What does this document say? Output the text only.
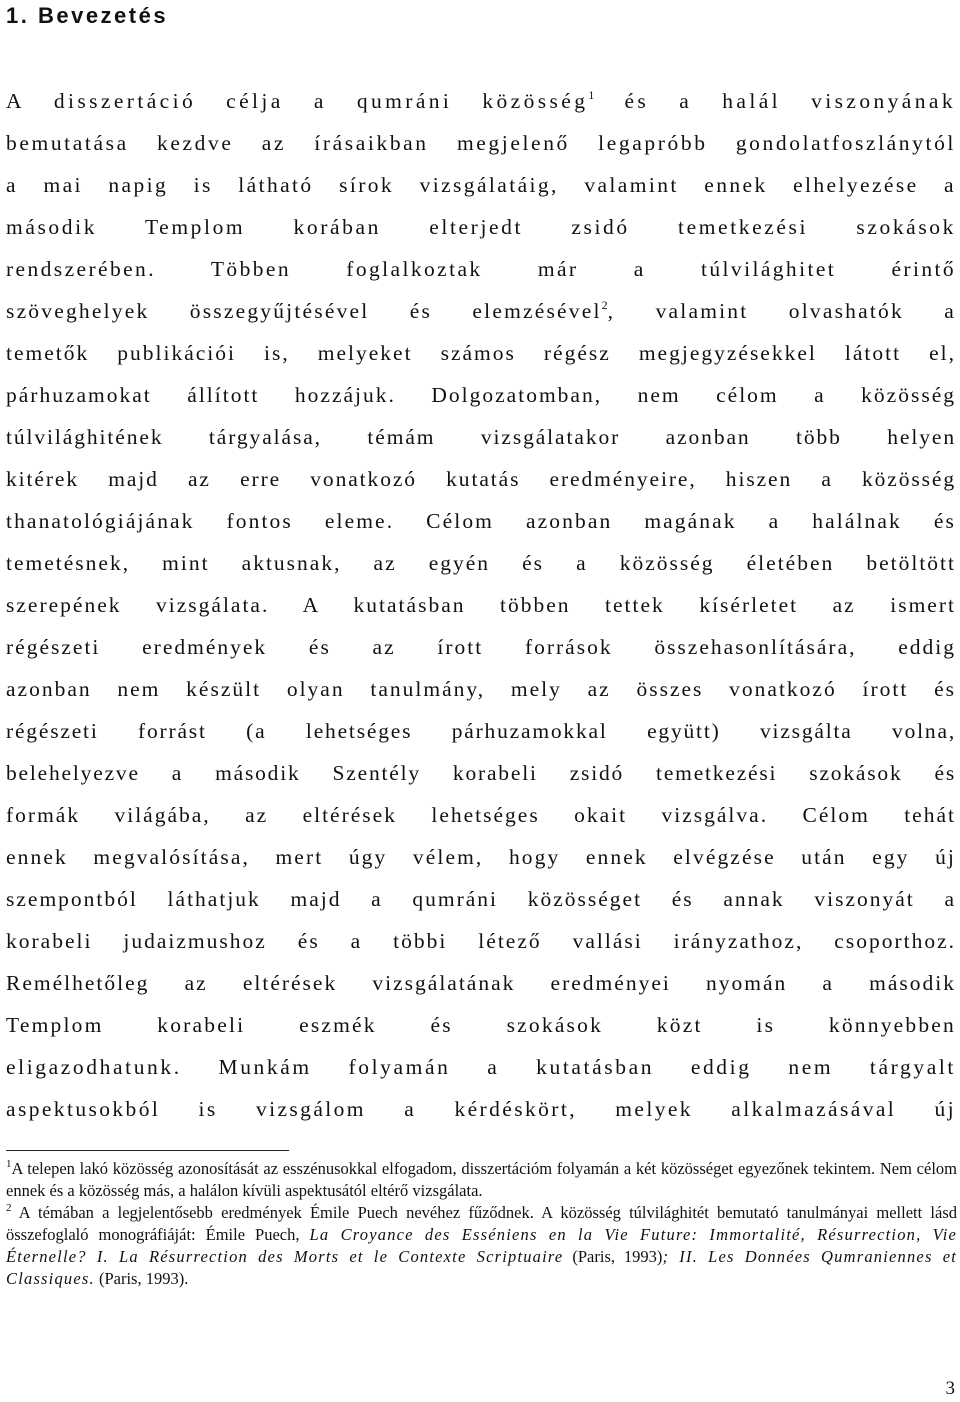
1. Bevezetés
A disszertáció célja a qumráni közösség$^1$ és a halál viszonyának
bemutatása kezdve az írásaikban megjelenő legapróbb gondolatfoszlánytól
a mai napig is látható sírok vizsgálatáig, valamint ennek elhelyezése a
második Templom korában elterjedt zsidó temetkezési szokások
rendszerében. Többen foglalkoztak már a túlvilághitet érintő
szöveghelyek összegyűjtésével és elemzésével$^2$, valamint olvashatók a
temetők publikációi is, melyeket számos régész megjegyzésekkel látott el,
párhuzamokat állított hozzájuk. Dolgozatomban, nem célom a közösség
túlvilághitének tárgyalása, témám vizsgálatakor azonban több helyen
kitérek majd az erre vonatkozó kutatás eredményeire, hiszen a közösség
thanatológiájának fontos eleme. Célom azonban magának a halálnak és
temetésnek, mint aktusnak, az egyén és a közösség életében betöltött
szerepének vizsgálata. A kutatásban többen tettek kísérletet az ismert
régészeti eredmények és az írott források összehasonlítására, eddig
azonban nem készült olyan tanulmány, mely az összes vonatkozó írott és
régészeti forrást (a lehetséges párhuzamokkal együtt) vizsgálta volna,
belehelyezve a második Szentély korabeli zsidó temetkezési szokások és
formák világába, az eltérések lehetséges okait vizsgálva. Célom tehát
ennek megvalósítása, mert úgy vélem, hogy ennek elvégzése után egy új
szempontból láthatjuk majd a qumráni közösséget és annak viszonyát a
korabeli judaizmushoz és a többi létező vallási irányzathoz, csoporthoz.
Remélhetőleg az eltérések vizsgálatának eredményei nyomán a második
Templom korabeli eszmék és szokások közt is könnyebben
eligazodhatunk. Munkám folyamán a kutatásban eddig nem tárgyalt
aspektusokból is vizsgálom a kérdéskört, melyek alkalmazásával új

$^1$A telepen lakó közösség azonosítását az esszénusokkal elfogadom, disszertációm folyamán a két közösséget egyezőnek tekintem. Nem célom ennek és a közösség más, a halálon kívüli aspektusától eltérő vizsgálata.

$^2$ A témában a legjelentősebb eredmények Émile Puech nevéhez fűződnek. A közösség túlvilághitét bemutató tanulmányai mellett lásd összefoglaló monográfiáját: Émile Puech, La Croyance des Esséniens en la Vie Future: Immortalité, Résurrection, Vie Éternelle? I. La Résurrection des Morts et le Contexte Scriptuaire (Paris, 1993); II. Les Données Qumraniennes et Classiques. (Paris, 1993).

3
